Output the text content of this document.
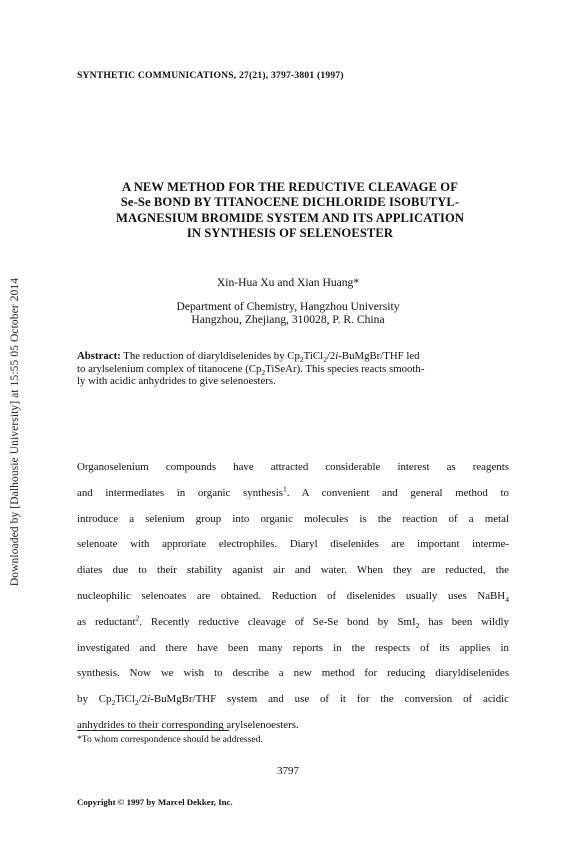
Downloaded by [Dalhousie University] at 15:55 05 October 2014
SYNTHETIC COMMUNICATIONS, 27(21), 3797-3801 (1997)
A NEW METHOD FOR THE REDUCTIVE CLEAVAGE OF
Se-Se BOND BY TITANOCENE DICHLORIDE ISOBUTYL-
MAGNESIUM BROMIDE SYSTEM AND ITS APPLICATION
IN SYNTHESIS OF SELENOESTER
Xin-Hua Xu and Xian Huang*
Department of Chemistry, Hangzhou University
Hangzhou, Zhejiang, 310028, P. R. China
Abstract: The reduction of diaryldiselenides by $Cp_2TiCl_2/2i-BuMgBr$/THF led
to arylselenium complex of titanocene $(Cp_2TiSeAr)$. This species reacts smooth-
ly with acidic anhydrides to give selenoesters.
Organoselenium compounds have attracted considerable interest as reagents
and intermediates in organic synthesis$^1$. A convenient and general method to
introduce a selenium group into organic molecules is the reaction of a metal
selenoate with approriate electrophiles. Diaryl diselenides are important interme-
diates due to their stability aganist air and water. When they are reducted, the
nucleophilic selenoates are obtained. Reduction of diselenides usually uses NaBH$_4$
as reductant$^2$. Recently reductive cleavage of Se-Se bond by SmI$_2$ has been wildly
investigated and there have been many reports in the respects of its applies in
synthesis. Now we wish to describe a new method for reducing diaryldiselenides
by $Cp_2TiCl_2/2i-BuMgBr$/THF system and use of it for the conversion of acidic
anhydrides to their corresponding arylselenoesters.
*To whom correspondence should be addressed.
3797
Copyright © 1997 by Marcel Dekker, Inc.
